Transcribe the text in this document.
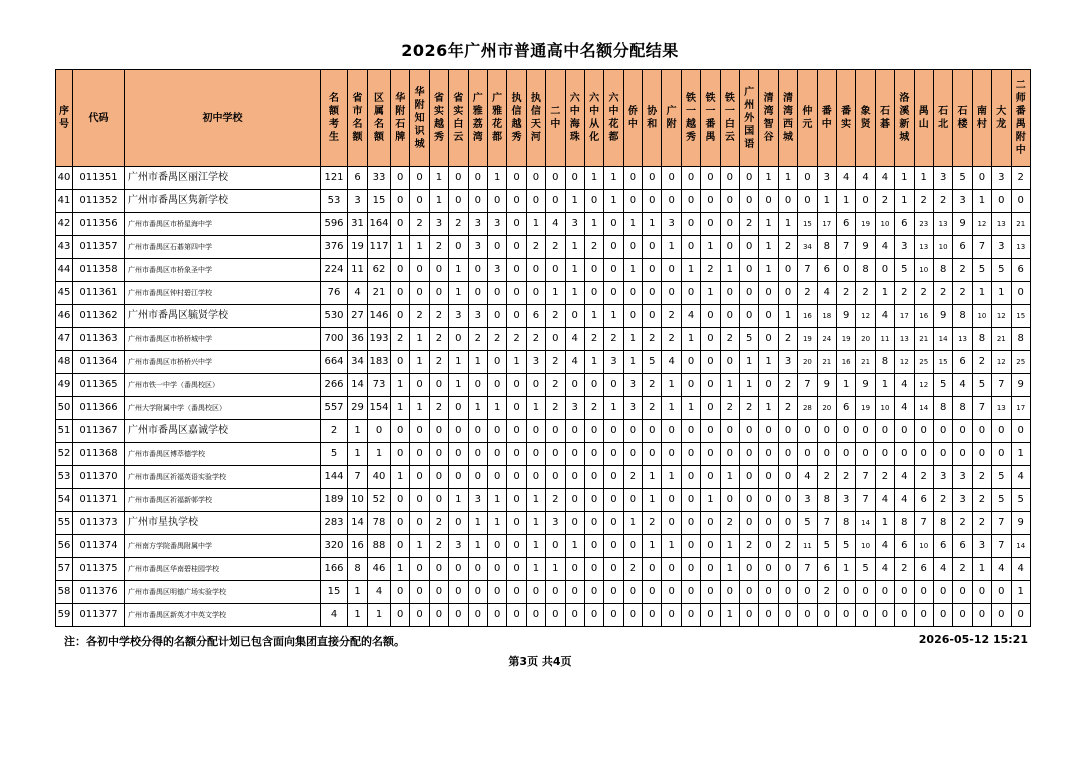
2026年广州市普通高中名额分配结果
序号	代码	初中学校	名额考生	省市名额	区属名额	华附石牌	华附知识城	省实越秀	省实白云	广雅荔湾	广雅花都	执信越秀	执信天河	二中	六中海珠	六中从化	六中花都	侨中	协和	广附	铁一越秀	铁一番禺	铁一白云	广州外国语	清湾智谷	清湾西城	仲元	番中	番实	象贤	石碁	洛溪新城	禺山	石北	石楼	南村	大龙	二师番禺附中	
40	011351	广州市番禺区丽江学校	121	6	33	0	0	1	0	0	1	0	0	0	0	1	1	0	0	0	0	0	0	0	1	1	0	3	4	4	4	1	1	3	5	0	3	2	
41	011352	广州市番禺区隽新学校	53	3	15	0	0	1	0	0	0	0	0	0	1	0	1	0	0	0	0	0	0	0	0	0	0	1	1	0	2	1	2	2	3	1	0	0	
42	011356	广州市番禺区市桥星海中学	596	31	164	0	2	3	2	3	3	0	1	4	3	1	0	1	1	3	0	0	0	2	1	1	15	17	6	19	10	6	23	13	9	12	13	21	
43	011357	广州市番禺区石碁第四中学	376	19	117	1	1	2	0	3	0	0	2	2	1	2	0	0	0	1	0	1	0	0	1	2	34	8	7	9	4	3	13	10	6	7	3	13	
44	011358	广州市番禺区市桥象圣中学	224	11	62	0	0	0	1	0	3	0	0	0	1	0	0	1	0	0	1	2	1	0	1	0	7	6	0	8	0	5	10	8	2	5	5	6	
45	011361	广州市番禺区钟村碧江学校	76	4	21	0	0	0	1	0	0	0	0	1	1	0	0	0	0	0	0	1	0	0	0	0	2	4	2	2	1	2	2	2	2	1	1	0	
46	011362	广州市番禺区毓贤学校	530	27	146	0	2	2	3	3	0	0	6	2	0	1	1	0	0	2	4	0	0	0	0	1	16	18	9	12	4	17	16	9	8	10	12	15	
47	011363	广州市番禺区市桥桥城中学	700	36	193	2	1	2	0	2	2	2	2	0	4	2	2	1	2	2	1	0	2	5	0	2	19	24	19	20	11	13	21	14	13	8	21	8	
48	011364	广州市番禺区市桥桥兴中学	664	34	183	0	1	2	1	1	0	1	3	2	4	1	3	1	5	4	0	0	0	1	1	3	20	21	16	21	8	12	25	15	6	2	12	25	
49	011365	广州市铁一中学（番禺校区）	266	14	73	1	0	0	1	0	0	0	0	2	0	0	0	3	2	1	0	0	1	1	0	2	7	9	1	9	1	4	12	5	4	5	7	9	
50	011366	广州大学附属中学（番禺校区）	557	29	154	1	1	2	0	1	1	0	1	2	3	2	1	3	2	1	1	0	2	2	1	2	28	20	6	19	10	4	14	8	8	7	13	17	
51	011367	广州市番禺区嘉诚学校	2	1	0	0	0	0	0	0	0	0	0	0	0	0	0	0	0	0	0	0	0	0	0	0	0	0	0	0	0	0	0	0	0	0	0	0	
52	011368	广州市番禺区博萃德学校	5	1	1	0	0	0	0	0	0	0	0	0	0	0	0	0	0	0	0	0	0	0	0	0	0	0	0	0	0	0	0	0	0	0	0	1	
53	011370	广州市番禺区祈福英语实验学校	144	7	40	1	0	0	0	0	0	0	0	0	0	0	0	2	1	1	0	0	1	0	0	0	4	2	2	7	2	4	2	3	3	2	5	4	
54	011371	广州市番禺区祈福新邨学校	189	10	52	0	0	0	1	3	1	0	1	2	0	0	0	0	1	0	0	1	0	0	0	0	3	8	3	7	4	4	6	2	3	2	5	5	
55	011373	广州市星执学校	283	14	78	0	0	2	0	1	1	0	1	3	0	0	0	1	2	0	0	0	2	0	0	0	5	7	8	14	1	8	7	8	2	2	7	9	
56	011374	广州南方学院番禺附属中学	320	16	88	0	1	2	3	1	0	0	1	0	1	0	0	0	1	1	0	0	1	2	0	2	11	5	5	10	4	6	10	6	6	3	7	14	
57	011375	广州市番禺区华南碧桂园学校	166	8	46	1	0	0	0	0	0	0	1	1	0	0	0	2	0	0	0	0	1	0	0	0	7	6	1	5	4	2	6	4	2	1	4	4	
58	011376	广州市番禺区明德广场实验学校	15	1	4	0	0	0	0	0	0	0	0	0	0	0	0	0	0	0	0	0	0	0	0	0	0	2	0	0	0	0	0	0	0	0	0	1	
59	011377	广州市番禺区新英才中英文学校	4	1	1	0	0	0	0	0	0	0	0	0	0	0	0	0	0	0	0	0	1	0	0	0	0	0	0	0	0	0	0	0	0	0	0	0	
注：各初中学校分得的名额分配计划已包含面向集团直接分配的名额。	2026-05-12 15:21
第3页 共4页
